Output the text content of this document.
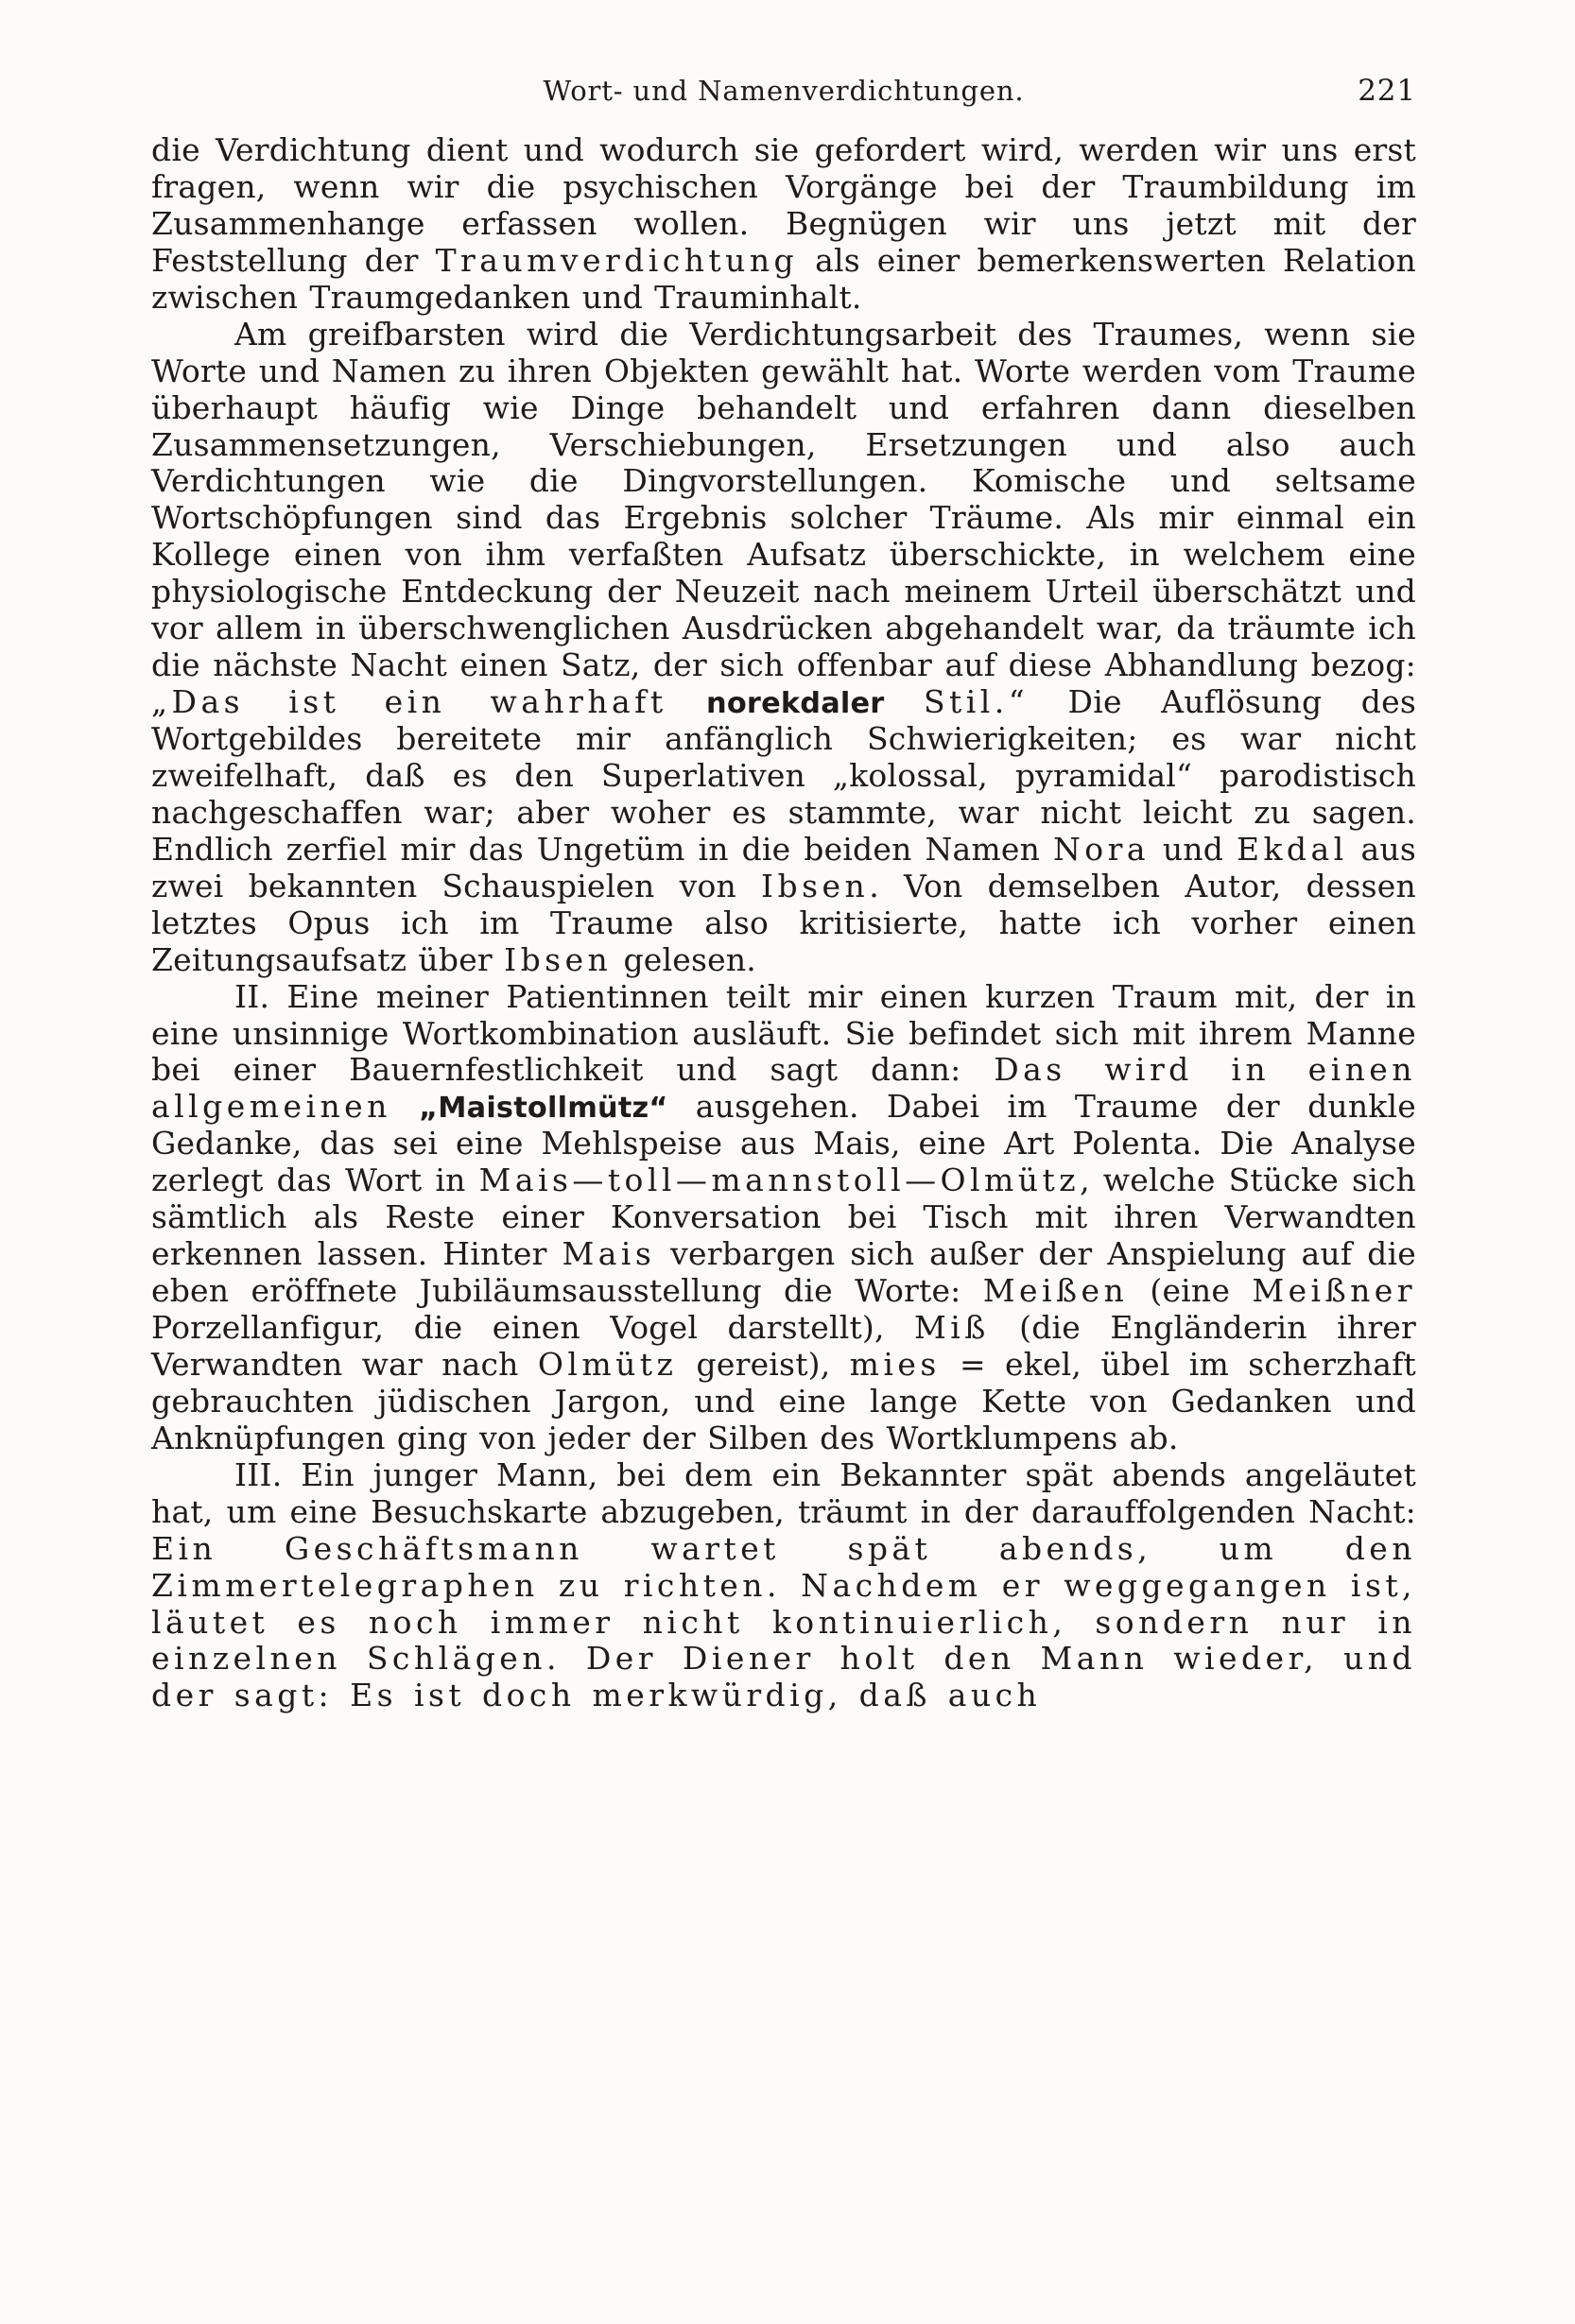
Wort- und Namenverdichtungen.	221

die Verdichtung dient und wodurch sie gefordert wird, werden wir uns erst fragen, wenn wir die psychischen Vorgänge bei der Traumbildung im Zusammenhange erfassen wollen. Begnügen wir uns jetzt mit der Feststellung der Traumverdichtung als einer bemerkenswerten Relation zwischen Traumgedanken und Trauminhalt.

Am greifbarsten wird die Verdichtungsarbeit des Traumes, wenn sie Worte und Namen zu ihren Objekten gewählt hat. Worte werden vom Traume überhaupt häufig wie Dinge behandelt und erfahren dann dieselben Zusammensetzungen, Verschiebungen, Ersetzungen und also auch Verdichtungen wie die Dingvorstellungen. Komische und seltsame Wortschöpfungen sind das Ergebnis solcher Träume. Als mir einmal ein Kollege einen von ihm verfaßten Aufsatz überschickte, in welchem eine physiologische Entdeckung der Neuzeit nach meinem Urteil überschätzt und vor allem in überschwenglichen Ausdrücken abgehandelt war, da träumte ich die nächste Nacht einen Satz, der sich offenbar auf diese Abhandlung bezog: „Das ist ein wahrhaft norekdaler Stil.“ Die Auflösung des Wortgebildes bereitete mir anfänglich Schwierigkeiten; es war nicht zweifelhaft, daß es den Superlativen „kolossal, pyramidal“ parodistisch nachgeschaffen war; aber woher es stammte, war nicht leicht zu sagen. Endlich zerfiel mir das Ungetüm in die beiden Namen Nora und Ekdal aus zwei bekannten Schauspielen von Ibsen. Von demselben Autor, dessen letztes Opus ich im Traume also kritisierte, hatte ich vorher einen Zeitungsaufsatz über Ibsen gelesen.

II. Eine meiner Patientinnen teilt mir einen kurzen Traum mit, der in eine unsinnige Wortkombination ausläuft. Sie befindet sich mit ihrem Manne bei einer Bauernfestlichkeit und sagt dann: Das wird in einen allgemeinen „Maistollmütz“ ausgehen. Dabei im Traume der dunkle Gedanke, das sei eine Mehlspeise aus Mais, eine Art Polenta. Die Analyse zerlegt das Wort in Mais—toll—mannstoll—Olmütz, welche Stücke sich sämtlich als Reste einer Konversation bei Tisch mit ihren Verwandten erkennen lassen. Hinter Mais verbargen sich außer der Anspielung auf die eben eröffnete Jubiläumsausstellung die Worte: Meißen (eine Meißner Porzellanfigur, die einen Vogel darstellt), Miß (die Engländerin ihrer Verwandten war nach Olmütz gereist), mies = ekel, übel im scherzhaft gebrauchten jüdischen Jargon, und eine lange Kette von Gedanken und Anknüpfungen ging von jeder der Silben des Wortklumpens ab.

III. Ein junger Mann, bei dem ein Bekannter spät abends angeläutet hat, um eine Besuchskarte abzugeben, träumt in der darauffolgenden Nacht: Ein Geschäftsmann wartet spät abends, um den Zimmertelegraphen zu richten. Nachdem er weggegangen ist, läutet es noch immer nicht kontinuierlich, sondern nur in einzelnen Schlägen. Der Diener holt den Mann wieder, und der sagt: Es ist doch merkwürdig, daß auch
